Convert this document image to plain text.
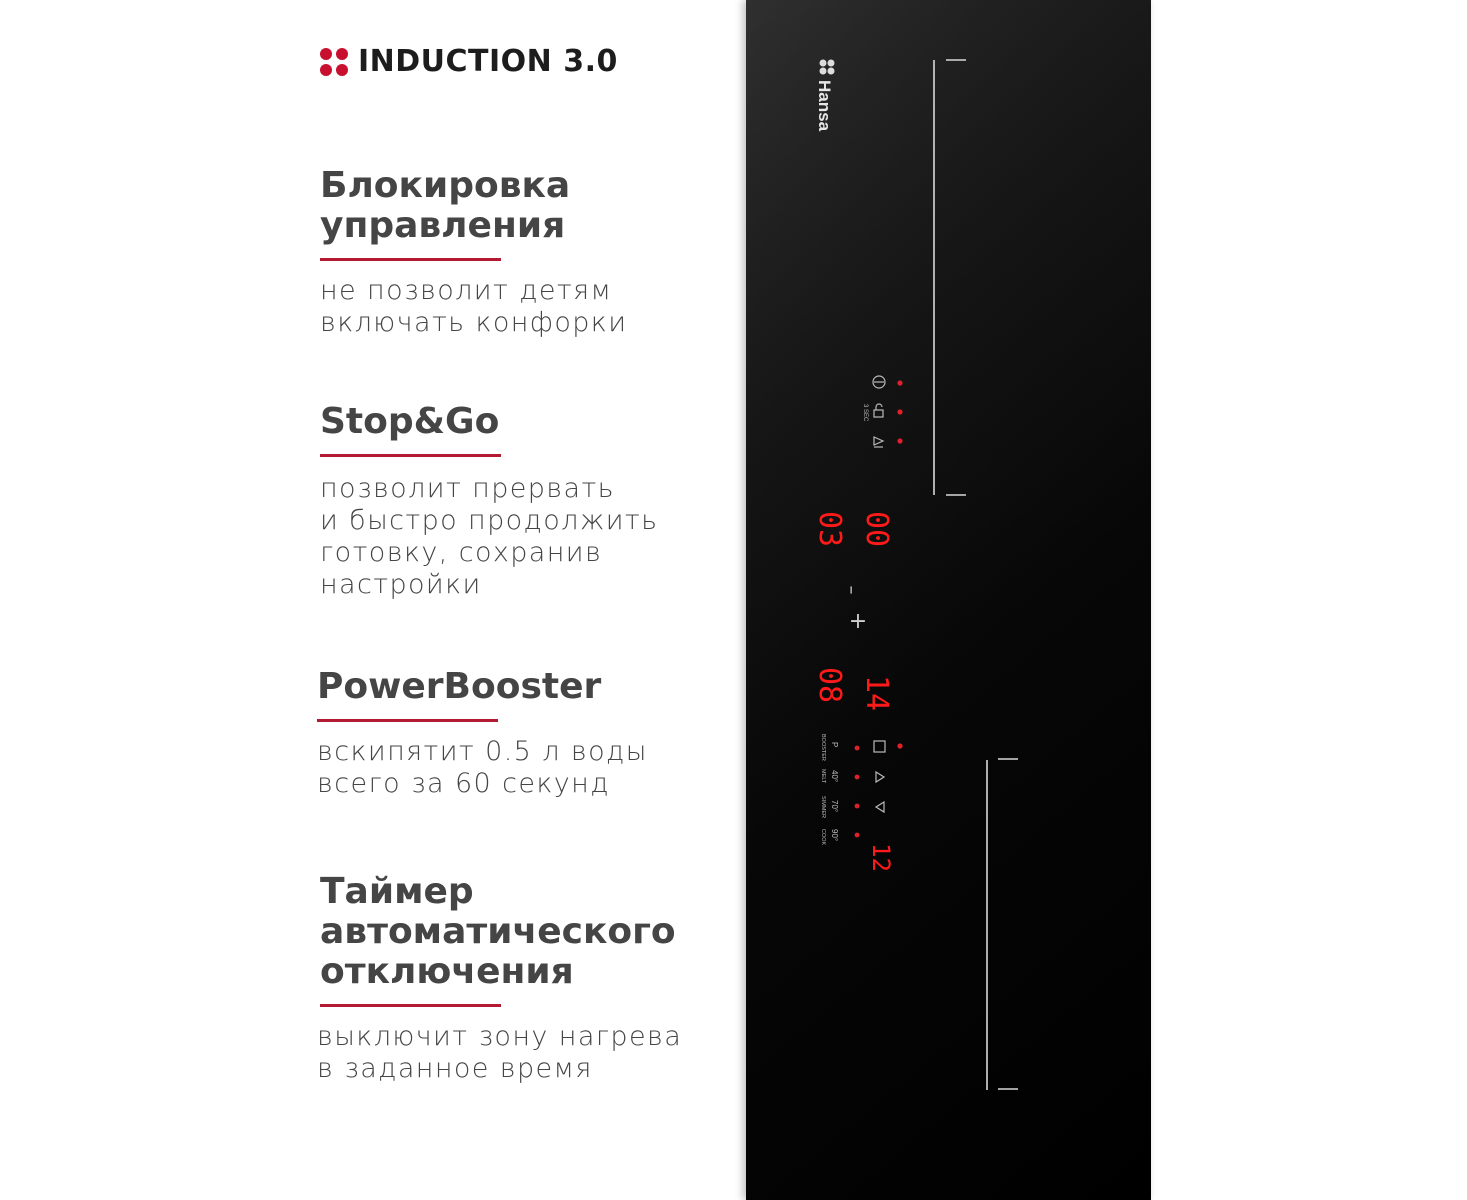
INDUCTION 3.0
Блокировка
управления

не позволит детям
включать конфорки

Stop&Go

позволит прервать
и быстро продолжить
готовку, сохранив
настройки

PowerBooster

вскипятит 0.5 л воды
всего за 60 секунд

Таймер
автоматического
отключения

выключит зону нагрева
в заданное время

Hansa
3 SEC
03 00
08 14
12
–
+
P
BOOSTER
40°
MELT
70°
SIMMER
90°
COOK
